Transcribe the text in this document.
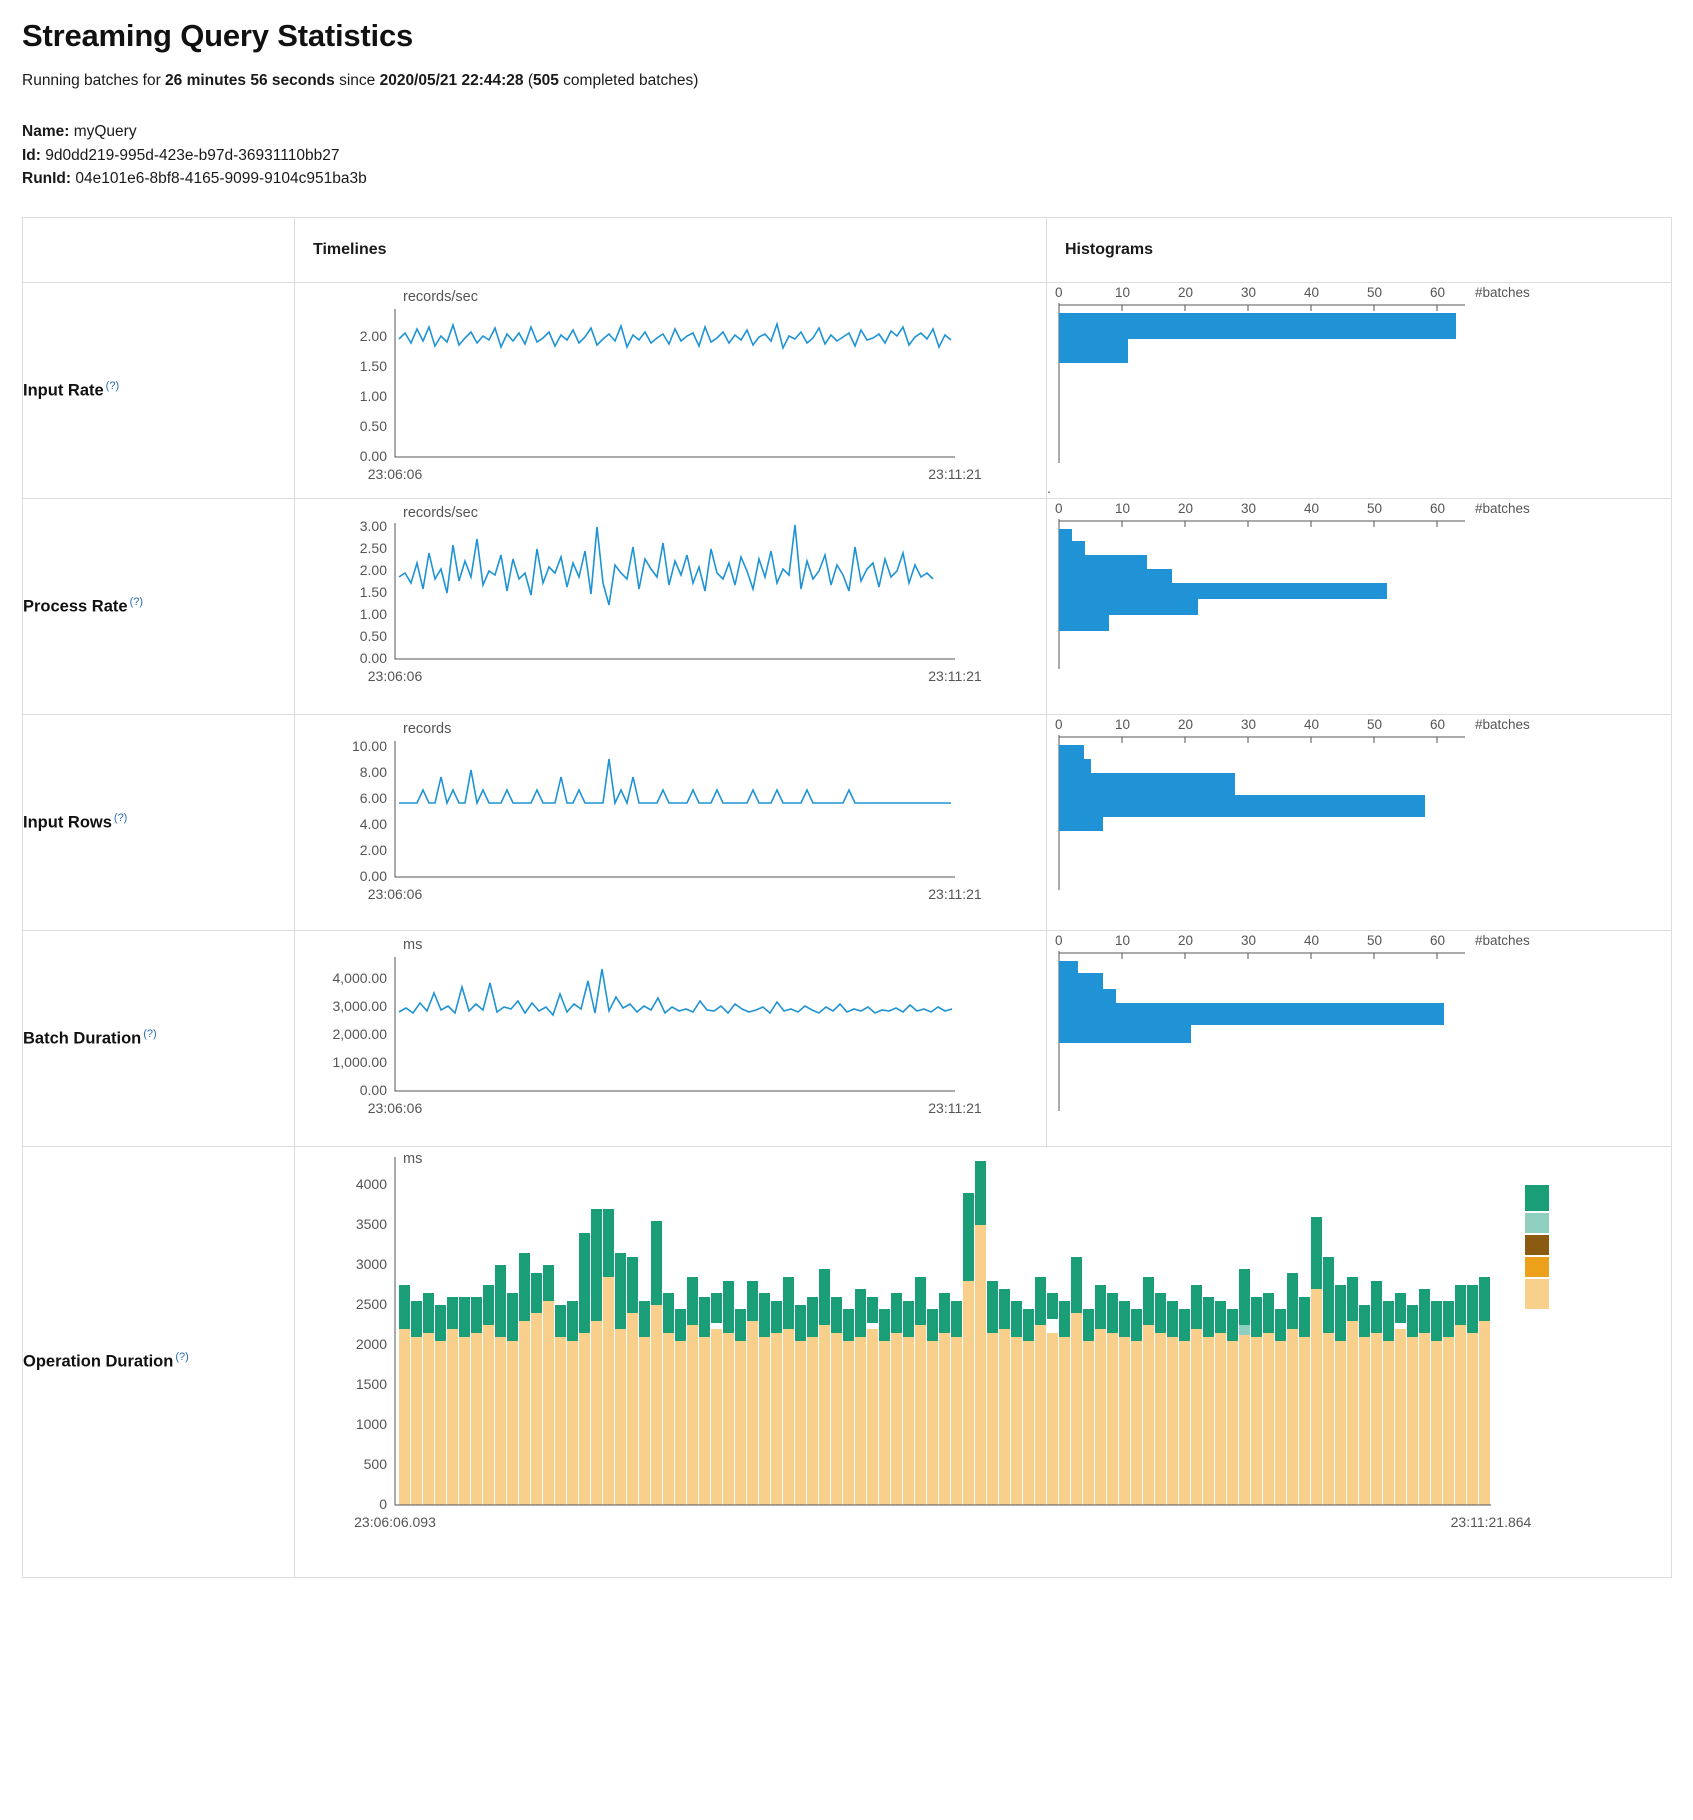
Streaming Query Statistics
Running batches for 26 minutes 56 seconds since 2020/05/21 22:44:28 (505 completed batches)
Name: myQuery
Id: 9d0dd219-995d-423e-b97d-36931110bb27
RunId: 04e101e6-8bf8-4165-9099-9104c951ba3b
	Timelines	Histograms
Input Rate (?)	
records/sec
2.00
1.50
1.00
0.50
0.00
23:06:06	23:11:21

0	10	20	30	40	50	60 #batches
.

Process Rate (?)	
records/sec
3.00
2.50
2.00
1.50
1.00
0.50
0.00
23:06:06	23:11:21

0	10	20	30	40	50	60 #batches

Input Rows (?)	
records
10.00
8.00
6.00
4.00
2.00
0.00
23:06:06	23:11:21

0	10	20	30	40	50	60 #batches

Batch Duration (?)	
ms
4,000.00
3,000.00
2,000.00
1,000.00
0.00
23:06:06	23:11:21

0	10	20	30	40	50	60 #batches

Operation Duration (?)	
ms
4000
3500
3000
2500
2000
1500
1000
500
0
23:06:06.093	23:11:21.864
